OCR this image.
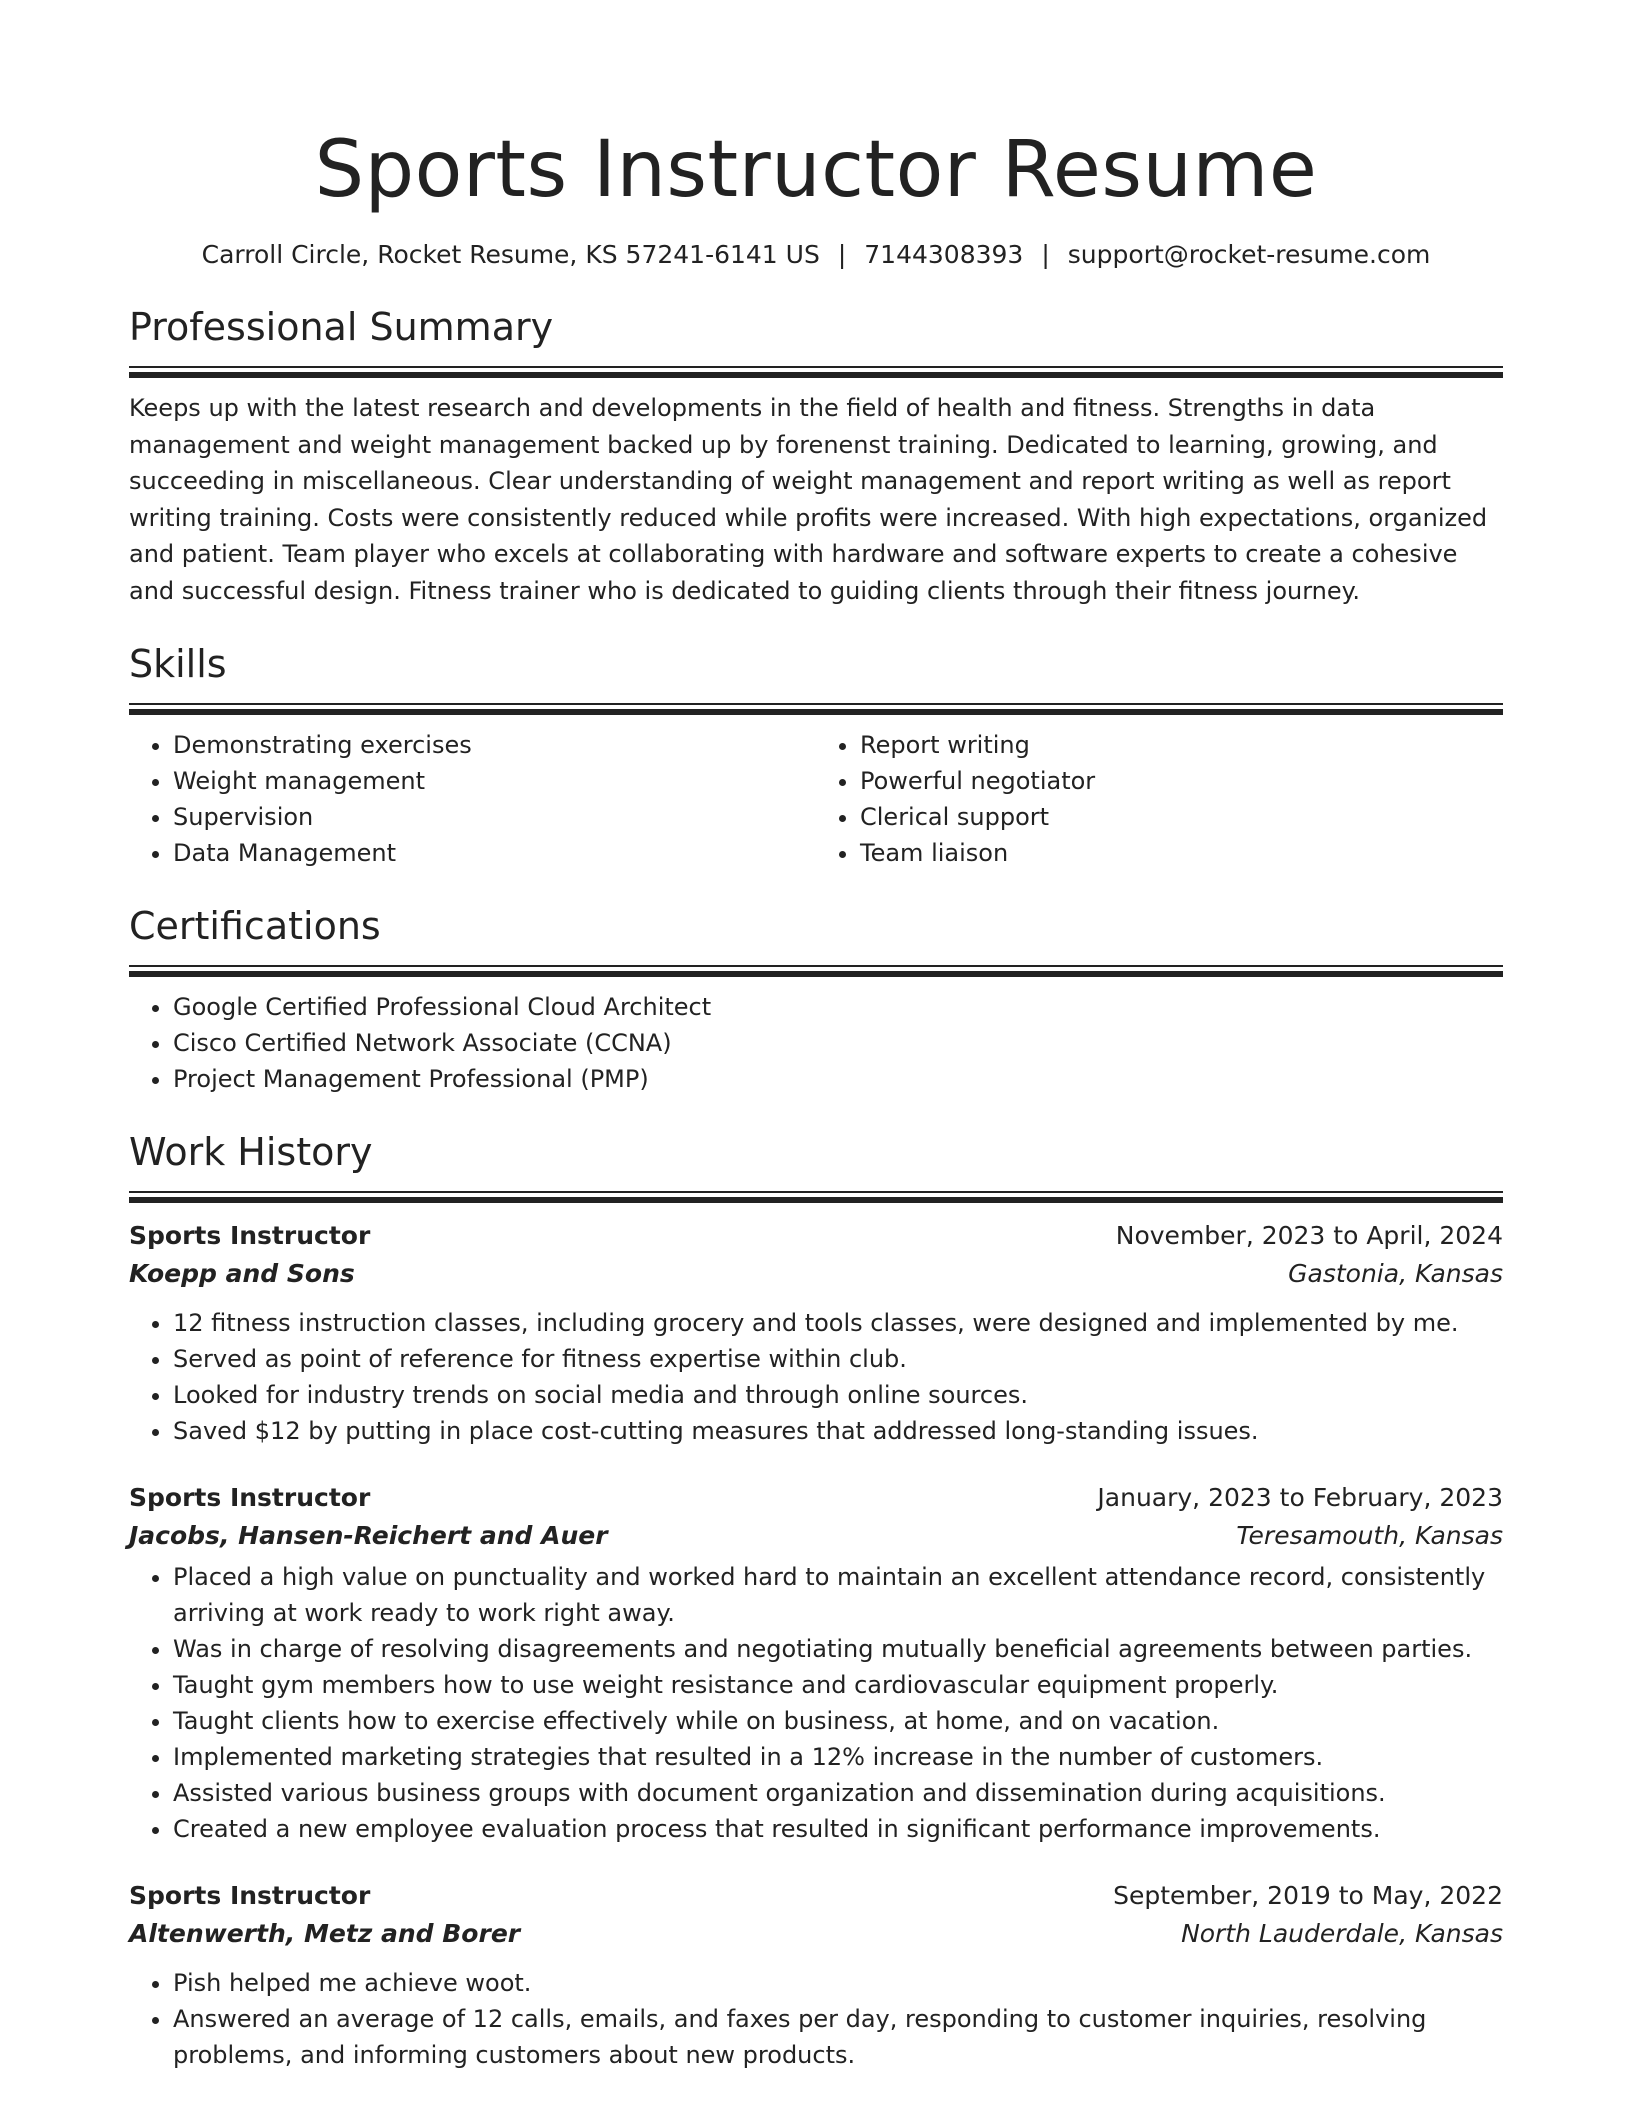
Sports Instructor Resume
Carroll Circle, Rocket Resume, KS 57241-6141 US | 7144308393 | support@rocket-resume.com
Professional Summary

Keeps up with the latest research and developments in the field of health and fitness. Strengths in data management and weight management backed up by forenenst training. Dedicated to learning, growing, and succeeding in miscellaneous. Clear understanding of weight management and report writing as well as report writing training. Costs were consistently reduced while profits were increased. With high expectations, organized and patient. Team player who excels at collaborating with hardware and software experts to create a cohesive and successful design. Fitness trainer who is dedicated to guiding clients through their fitness journey.

Skills
• Demonstrating exercises
• Weight management
• Supervision
• Data Management
• Report writing
• Powerful negotiator
• Clerical support
• Team liaison
Certifications
• Google Certified Professional Cloud Architect
• Cisco Certified Network Associate (CCNA)
• Project Management Professional (PMP)
Work History
Sports Instructor	November, 2023 to April, 2024
Koepp and Sons	Gastonia, Kansas
• 12 fitness instruction classes, including grocery and tools classes, were designed and implemented by me.
• Served as point of reference for fitness expertise within club.
• Looked for industry trends on social media and through online sources.
• Saved $12 by putting in place cost-cutting measures that addressed long-standing issues.
Sports Instructor	January, 2023 to February, 2023
Jacobs, Hansen-Reichert and Auer	Teresamouth, Kansas
• Placed a high value on punctuality and worked hard to maintain an excellent attendance record, consistently arriving at work ready to work right away.
• Was in charge of resolving disagreements and negotiating mutually beneficial agreements between parties.
• Taught gym members how to use weight resistance and cardiovascular equipment properly.
• Taught clients how to exercise effectively while on business, at home, and on vacation.
• Implemented marketing strategies that resulted in a 12% increase in the number of customers.
• Assisted various business groups with document organization and dissemination during acquisitions.
• Created a new employee evaluation process that resulted in significant performance improvements.
Sports Instructor	September, 2019 to May, 2022
Altenwerth, Metz and Borer	North Lauderdale, Kansas
• Pish helped me achieve woot.
• Answered an average of 12 calls, emails, and faxes per day, responding to customer inquiries, resolving problems, and informing customers about new products.
